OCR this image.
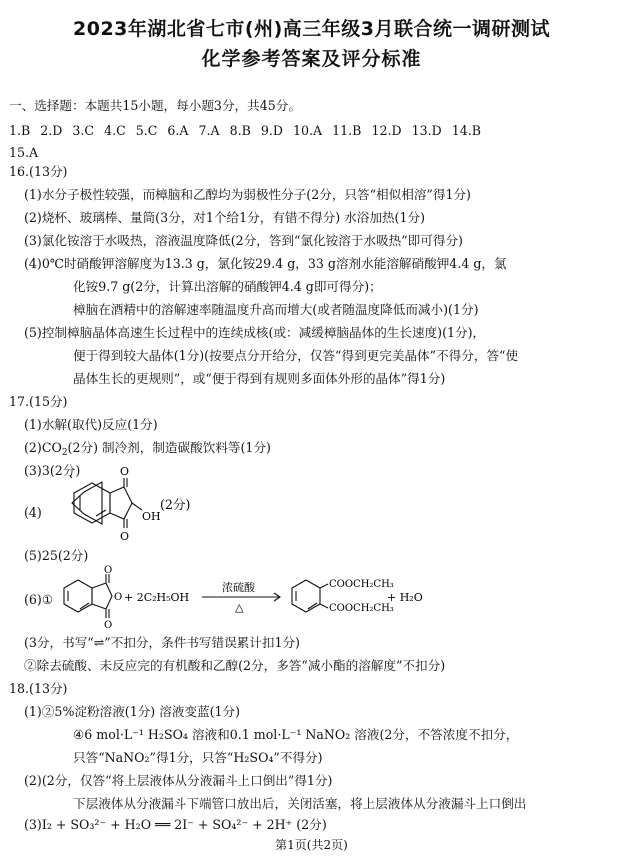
2023年湖北省七市(州)高三年级3月联合统一调研测试
化学参考答案及评分标准
一、选择题：本题共15小题，每小题3分，共45分。
1.B 2.D 3.C 4.C 5.C 6.A 7.A 8.B 9.D 10.A 11.B 12.D 13.D 14.B
15.A
16.(13分)
(1)水分子极性较强，而樟脑和乙醇均为弱极性分子(2分，只答“相似相溶”得1分)
(2)烧杯、玻璃棒、量筒(3分，对1个给1分，有错不得分) 水浴加热(1分)
(3)氯化铵溶于水吸热，溶液温度降低(2分，答到“氯化铵溶于水吸热”即可得分)
(4)0℃时硝酸钾溶解度为13.3 g，氯化铵29.4 g，33 g溶剂水能溶解硝酸钾4.4 g，氯
化铵9.7 g(2分，计算出溶解的硝酸钾4.4 g即可得分)；
樟脑在酒精中的溶解速率随温度升高而增大(或者随温度降低而减小)(1分)
(5)控制樟脑晶体高速生长过程中的连续成核(或：减缓樟脑晶体的生长速度)(1分)，
便于得到较大晶体(1分)(按要点分开给分，仅答“得到更完美晶体”不得分，答“使
晶体生长的更规则”，或“便于得到有规则多面体外形的晶体”得1分)
17.(15分)
(1)水解(取代)反应(1分)
$(2)CO_2(2$分) 制冷剂，制造碳酸饮料等(1分)
(3)3(2分)
(4)
O
O
OH
(2分)
(5)25(2分)
(6)①
O
O
O
+ 2C₂H₅OH
浓硫酸
△
COOCH₂CH₃
COOCH₂CH₃
+ H₂O
(3分，书写“⇌”不扣分，条件书写错误累计扣1分)
②除去硫酸、未反应完的有机酸和乙醇(2分，多答“减小酯的溶解度”不扣分)
18.(13分)
(1)②5%淀粉溶液(1分) 溶液变蓝(1分)
④6 mol·L⁻¹ H₂SO₄ 溶液和0.1 mol·L⁻¹ NaNO₂ 溶液(2分，不答浓度不扣分，
只答“NaNO₂”得1分，只答“H₂SO₄”不得分)
(2)(2分，仅答“将上层液体从分液漏斗上口倒出”得1分)
下层液体从分液漏斗下端管口放出后，关闭活塞，将上层液体从分液漏斗上口倒出
(3)I₂ + SO₃²⁻ + H₂O ══ 2I⁻ + SO₄²⁻ + 2H⁺ (2分)
第1页(共2页)
